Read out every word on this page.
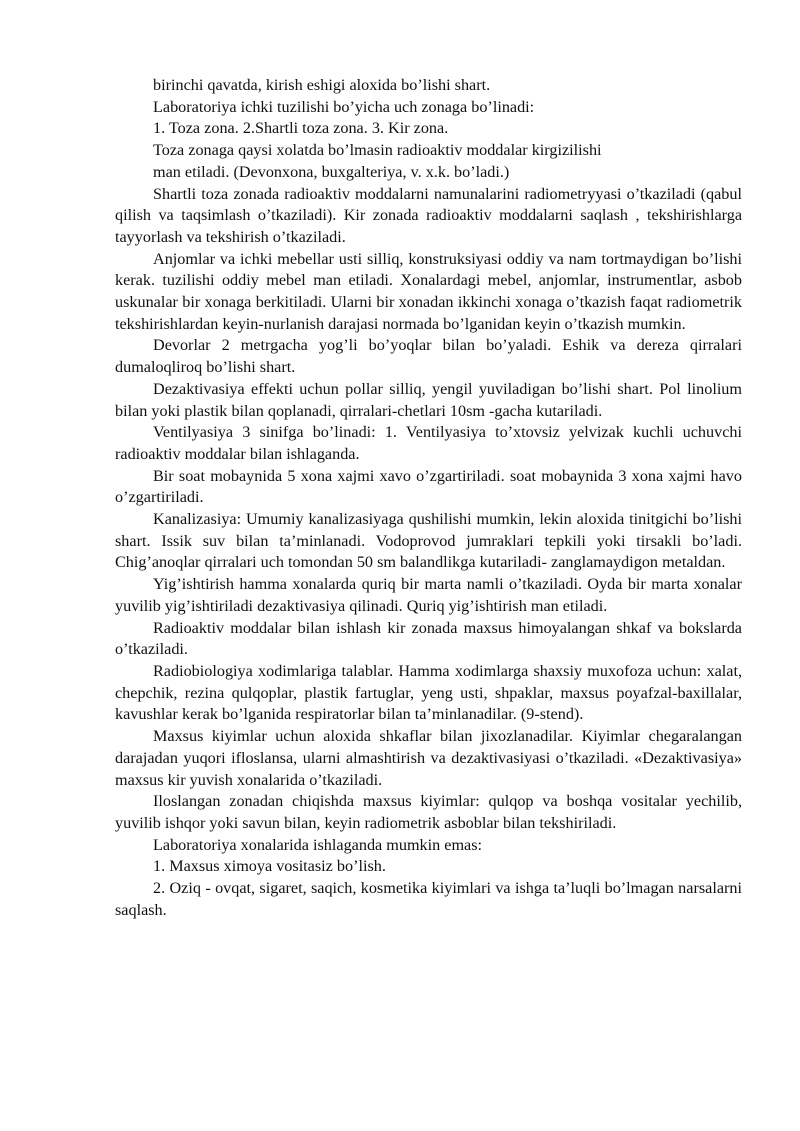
birinchi qavatda, kirish eshigi aloxida bo’lishi shart.

Laboratoriya ichki tuzilishi bo’yicha uch zonaga bo’linadi:

1. Toza zona. 2.Shartli toza zona. 3. Kir zona.

Toza zonaga qaysi xolatda bo’lmasin radioaktiv moddalar kirgizilishi

man etiladi. (Devonxona, buxgalteriya, v. x.k. bo’ladi.)

Shartli toza zonada radioaktiv moddalarni namunalarini radiometryyasi o’tkaziladi (qabul qilish va taqsimlash o’tkaziladi). Kir zonada radioaktiv moddalarni saqlash , tekshirishlarga tayyorlash va tekshirish o’tkaziladi.

Anjomlar va ichki mebellar usti silliq, konstruksiyasi oddiy va nam tortmaydigan bo’lishi kerak. tuzilishi oddiy mebel man etiladi. Xonalardagi mebel, anjomlar, instrumentlar, asbob uskunalar bir xonaga berkitiladi. Ularni bir xonadan ikkinchi xonaga o’tkazish faqat radiometrik tekshirishlardan keyin-nurlanish darajasi normada bo’lganidan keyin o’tkazish mumkin.

Devorlar 2 metrgacha yog’li bo’yoqlar bilan bo’yaladi. Eshik va dereza qirralari dumaloqliroq bo’lishi shart.

Dezaktivasiya effekti uchun pollar silliq, yengil yuviladigan bo’lishi shart. Pol linolium bilan yoki plastik bilan qoplanadi, qirralari-chetlari 10sm -gacha kutariladi.

Ventilyasiya 3 sinifga bo’linadi: 1. Ventilyasiya to’xtovsiz yelvizak kuchli uchuvchi radioaktiv moddalar bilan ishlaganda.

Bir soat mobaynida 5 xona xajmi xavo o’zgartiriladi. soat mobaynida 3 xona xajmi havo o’zgartiriladi.

Kanalizasiya: Umumiy kanalizasiyaga qushilishi mumkin, lekin aloxida tinitgichi bo’lishi shart. Issik suv bilan ta’minlanadi. Vodoprovod jumraklari tepkili yoki tirsakli bo’ladi. Chig’anoqlar qirralari uch tomondan 50 sm balandlikga kutariladi- zanglamaydigon metaldan.

Yig’ishtirish hamma xonalarda quriq bir marta namli o’tkaziladi. Oyda bir marta xonalar yuvilib yig’ishtiriladi dezaktivasiya qilinadi. Quriq yig’ishtirish man etiladi.

Radioaktiv moddalar bilan ishlash kir zonada maxsus himoyalangan shkaf va bokslarda o’tkaziladi.

Radiobiologiya xodimlariga talablar. Hamma xodimlarga shaxsiy muxofoza uchun: xalat, chepchik, rezina qulqoplar, plastik fartuglar, yeng usti, shpaklar, maxsus poyafzal-baxillalar, kavushlar kerak bo’lganida respiratorlar bilan ta’minlanadilar. (9-stend).

Maxsus kiyimlar uchun aloxida shkaflar bilan jixozlanadilar. Kiyimlar chegaralangan darajadan yuqori ifloslansa, ularni almashtirish va dezaktivasiyasi o’tkaziladi. «Dezaktivasiya» maxsus kir yuvish xonalarida o’tkaziladi.

Iloslangan zonadan chiqishda maxsus kiyimlar: qulqop va boshqa vositalar yechilib, yuvilib ishqor yoki savun bilan, keyin radiometrik asboblar bilan tekshiriladi.

Laboratoriya xonalarida ishlaganda mumkin emas:

1. Maxsus ximoya vositasiz bo’lish.

2. Oziq - ovqat, sigaret, saqich, kosmetika kiyimlari va ishga ta’luqli bo’lmagan narsalarni saqlash.
